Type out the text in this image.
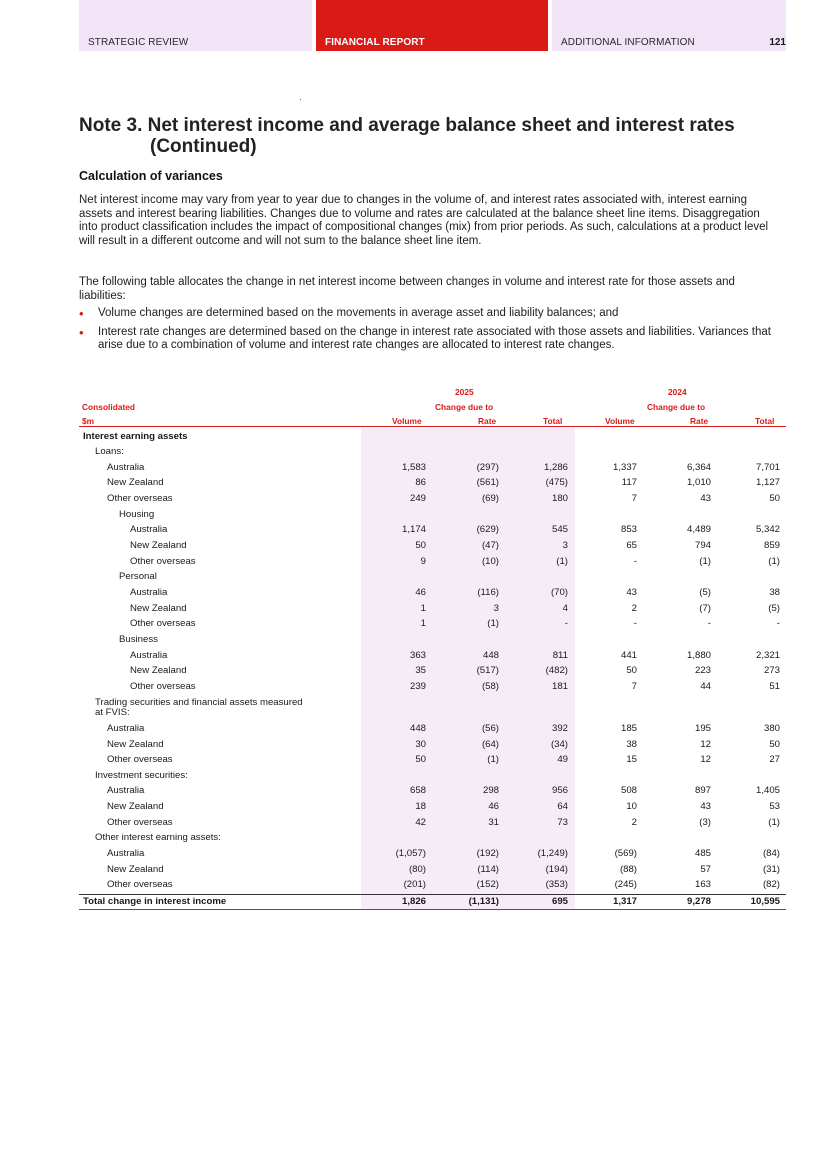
STRATEGIC REVIEW	FINANCIAL REPORT	ADDITIONAL INFORMATION	121
Note 3. Net interest income and average balance sheet and interest rates
(Continued)
Calculation of variances

Net interest income may vary from year to year due to changes in the volume of, and interest rates associated with, interest earning assets and interest bearing liabilities. Changes due to volume and rates are calculated at the balance sheet line items. Disaggregation into product classification includes the impact of compositional changes (mix) from prior periods. As such, calculations at a product level will result in a different outcome and will not sum to the balance sheet line item.

The following table allocates the change in net interest income between changes in volume and interest rate for those assets and liabilities:

• Volume changes are determined based on the movements in average asset and liability balances; and
• Interest rate changes are determined based on the change in interest rate associated with those assets and liabilities. Variances that arise due to a combination of volume and interest rate changes are allocated to interest rate changes.
2025	2024
Consolidated	Change due to	Change due to
$m	Volume	Rate	Total	Volume	Rate	Total
Interest earning assets
Loans:
Australia	1,583	(297)	1,286	1,337	6,364	7,701
New Zealand	86	(561)	(475)	117	1,010	1,127
Other overseas	249	(69)	180	7	43	50
Housing
Australia	1,174	(629)	545	853	4,489	5,342
New Zealand	50	(47)	3	65	794	859
Other overseas	9	(10)	(1)	-	(1)	(1)
Personal
Australia	46	(116)	(70)	43	(5)	38
New Zealand	1	3	4	2	(7)	(5)
Other overseas	1	(1)	-	-	-	-
Business
Australia	363	448	811	441	1,880	2,321
New Zealand	35	(517)	(482)	50	223	273
Other overseas	239	(58)	181	7	44	51
Trading securities and financial assets measured
at FVIS:
Australia	448	(56)	392	185	195	380
New Zealand	30	(64)	(34)	38	12	50
Other overseas	50	(1)	49	15	12	27
Investment securities:
Australia	658	298	956	508	897	1,405
New Zealand	18	46	64	10	43	53
Other overseas	42	31	73	2	(3)	(1)
Other interest earning assets:
Australia	(1,057)	(192)	(1,249)	(569)	485	(84)
New Zealand	(80)	(114)	(194)	(88)	57	(31)
Other overseas	(201)	(152)	(353)	(245)	163	(82)
Total change in interest income	1,826	(1,131)	695	1,317	9,278	10,595
